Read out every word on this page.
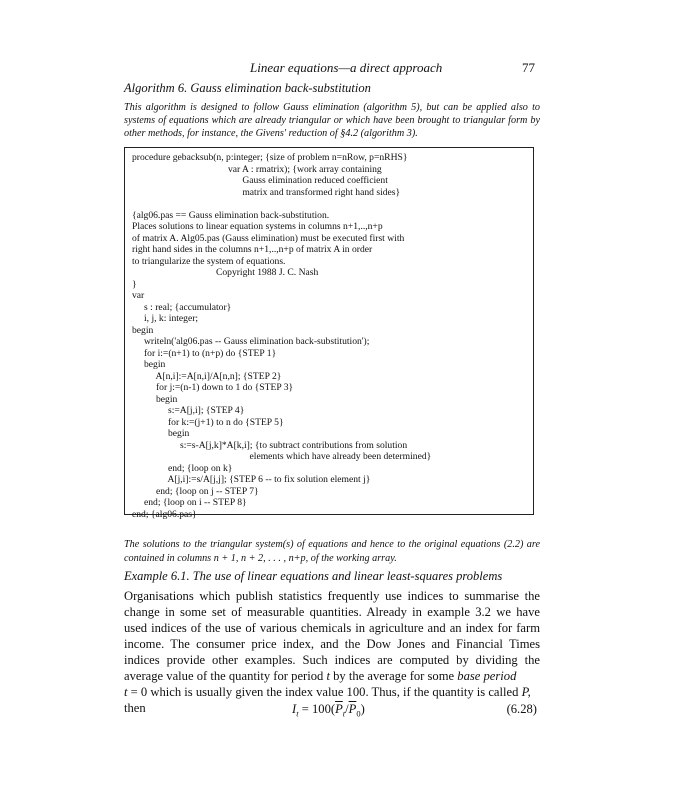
Linear equations—a direct approach	77
Algorithm 6. Gauss elimination back-substitution
This algorithm is designed to follow Gauss elimination (algorithm 5), but can be applied also to systems of equations which are already triangular or which have been brought to triangular form by other methods, for instance, the Givens' reduction of §4.2 (algorithm 3).
procedure gebacksub(n, p:integer; {size of problem n=nRow, p=nRHS}
var A : rmatrix); {work array containing
Gauss elimination reduced coefficient
matrix and transformed right hand sides}

{alg06.pas == Gauss elimination back-substitution.
Places solutions to linear equation systems in columns n+1,..,n+p
of matrix A. Alg05.pas (Gauss elimination) must be executed first with
right hand sides in the columns n+1,..,n+p of matrix A in order
to triangularize the system of equations.
Copyright 1988 J. C. Nash
}
var
s : real; {accumulator}
i, j, k: integer;
begin
writeln('alg06.pas -- Gauss elimination back-substitution');
for i:=(n+1) to (n+p) do {STEP 1}
begin
A[n,i]:=A[n,i]/A[n,n]; {STEP 2}
for j:=(n-1) down to 1 do {STEP 3}
begin
s:=A[j,i]; {STEP 4}
for k:=(j+1) to n do {STEP 5}
begin
s:=s-A[j,k]*A[k,i]; {to subtract contributions from solution
elements which have already been determined}
end; {loop on k}
A[j,i]:=s/A[j,j]; {STEP 6 -- to fix solution element j}
end; {loop on j -- STEP 7}
end; {loop on i -- STEP 8}
end; {alg06.pas}
The solutions to the triangular system(s) of equations and hence to the original equations (2.2) are contained in columns n + 1, n + 2, . . . , n+p, of the working array.
Example 6.1. The use of linear equations and linear least-squares problems
Organisations which publish statistics frequently use indices to summarise the change in some set of measurable quantities. Already in example 3.2 we have used indices of the use of various chemicals in agriculture and an index for farm income. The consumer price index, and the Dow Jones and Financial Times indices provide other examples. Such indices are computed by dividing the average value of the quantity for period t by the average for some base period
t = 0 which is usually given the index value 100. Thus, if the quantity is called P,
then	$I_t = 100(\overline{P}_t/\overline{P}_0)$	(6.28)
